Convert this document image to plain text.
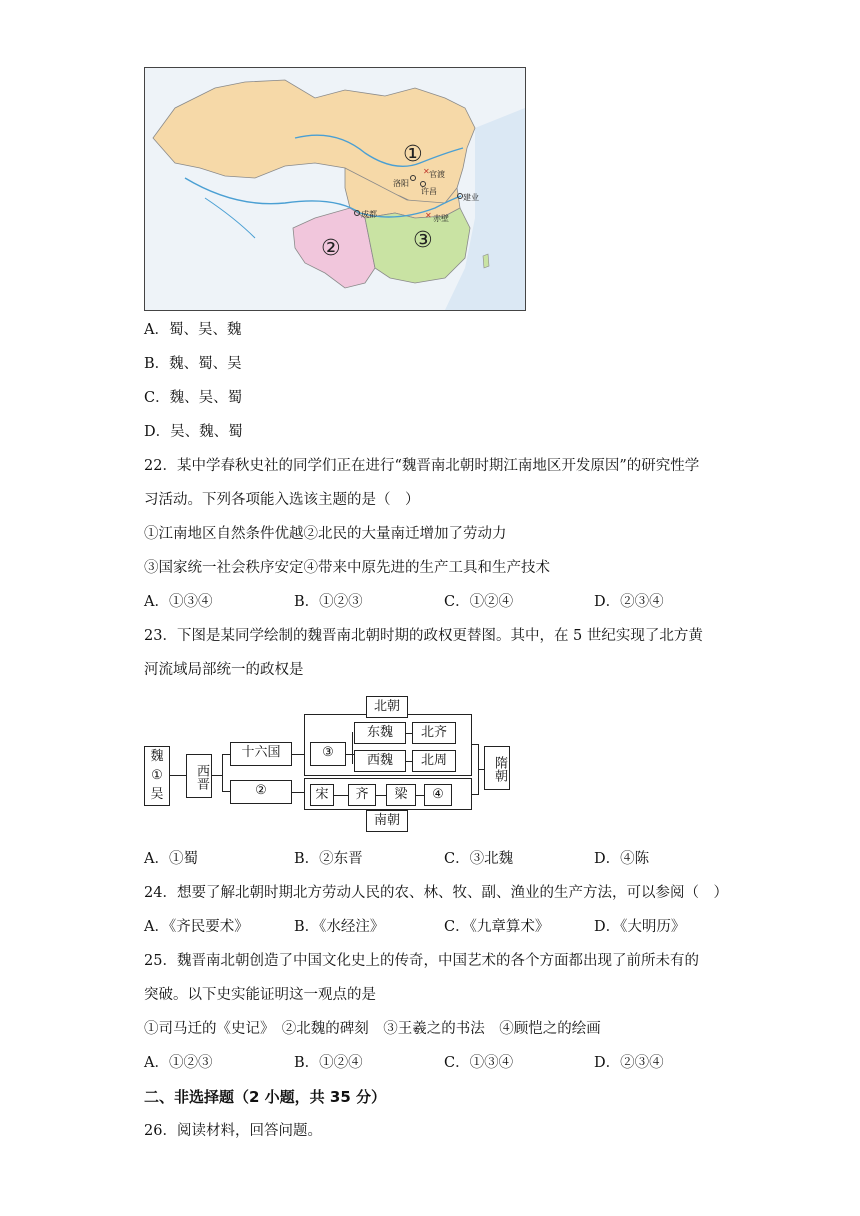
✕
✕
①
②	③
官渡
洛阳
许昌
建业
成都	赤壁
A．蜀、吴、魏
B．魏、蜀、吴
C．魏、吴、蜀
D．吴、魏、蜀
22．某中学春秋史社的同学们正在进行“魏晋南北朝时期江南地区开发原因”的研究性学
习活动。下列各项能入选该主题的是（　）
①江南地区自然条件优越②北民的大量南迁增加了劳动力
③国家统一社会秩序安定④带来中原先进的生产工具和生产技术
A．①③④	B．①②③	C．①②④	D．②③④
23．下图是某同学绘制的魏晋南北朝时期的政权更替图。其中，在 5 世纪实现了北方黄
河流域局部统一的政权是
魏
①
吴
西晋
十六国
②
北朝
③
东魏
西魏
北齐
北周
宋	齐	梁	④
南朝
隋朝
A．①蜀	B．②东晋	C．③北魏	D．④陈
24．想要了解北朝时期北方劳动人民的农、林、牧、副、渔业的生产方法，可以参阅（　）
A．《齐民要术》	B．《水经注》	C．《九章算术》	D．《大明历》
25．魏晋南北朝创造了中国文化史上的传奇，中国艺术的各个方面都出现了前所未有的
突破。以下史实能证明这一观点的是
①司马迁的《史记》　②北魏的碑刻　③王羲之的书法　④顾恺之的绘画
A．①②③	B．①②④	C．①③④	D．②③④
二、非选择题（2 小题，共 35 分）
26．阅读材料，回答问题。
